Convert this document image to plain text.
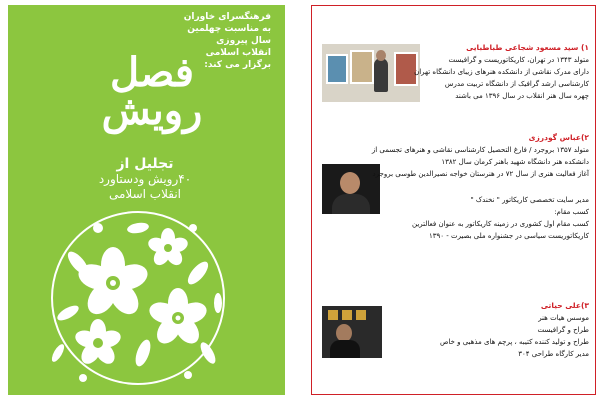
فرهنگسرای خاوران
به مناسبت چهلمین
سال پیروزی
انقلاب اسلامی
برگزار می کند:
فصل
رویش
تجلیل از
۴۰رویش ودستاورد
انقلاب اسلامی
۱) سید مسعود شجاعی طباطبایی
متولد ۱۳۴۳ در تهران، کاریکاتوریست و گرافیست
دارای مدرک نقاشی از دانشکده هنرهای زیبای دانشگاه تهران
کارشناسی ارشد گرافیک از دانشگاه تربیت مدرس
چهره سال هنر انقلاب در سال ۱۳۹۶ می باشند
۲)عباس گودرزی
متولد ۱۳۵۷ بروجرد / فارغ التحصیل کارشناسی نقاشی و هنرهای تجسمی از
دانشکده هنر دانشگاه شهید باهنر کرمان سال ۱۳۸۲
آغاز فعالیت هنری از سال ۷۲ در هنرستان خواجه نصیرالدین طوسی بروجرد
مدیر سایت تخصصی کاریکاتور " نخندک "
کسب مقام:
کسب مقام اول کشوری در زمینه کاریکاتور به عنوان فعالترین
کاریکاتوریست سیاسی در جشنواره ملی بصیرت - ۱۳۹۰
۳)علی حیاتی
موسس هیات هنر
طراح و گرافیست
طراح و تولید کننده کتیبه ، پرچم های مذهبی و خاص
مدیر کارگاه طراحی ۳۰۴
